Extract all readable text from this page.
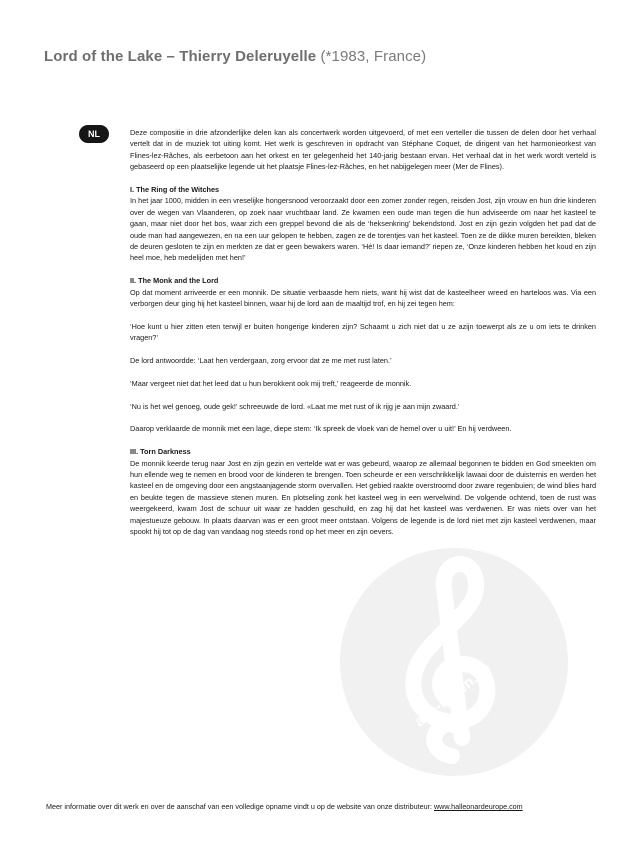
Lord of the Lake – Thierry Deleruyelle (*1983, France)
NL
alle-noten.de

Deze compositie in drie afzonderlijke delen kan als concertwerk worden uitgevoerd, of met een verteller die tussen de delen door het verhaal vertelt dat in de muziek tot uiting komt. Het werk is geschreven in opdracht van Stéphane Coquet, de dirigent van het harmonieorkest van Flines-lez-Râches, als eerbetoon aan het orkest en ter gelegenheid het 140-jarig bestaan ervan. Het verhaal dat in het werk wordt verteld is gebaseerd op een plaatselijke legende uit het plaatsje Flines-lez-Râches, en het nabijgelegen meer (Mer de Flines).

I. The Ring of the Witches

In het jaar 1000, midden in een vreselijke hongersnood veroorzaakt door een zomer zonder regen, reisden Jost, zijn vrouw en hun drie kinderen over de wegen van Vlaanderen, op zoek naar vruchtbaar land. Ze kwamen een oude man tegen die hun adviseerde om naar het kasteel te gaan, maar niet door het bos, waar zich een greppel bevond die als de ‘heksenkring’ bekendstond. Jost en zijn gezin volgden het pad dat de oude man had aangewezen, en na een uur gelopen te hebben, zagen ze de torentjes van het kasteel. Toen ze de dikke muren bereikten, bleken de deuren gesloten te zijn en merkten ze dat er geen bewakers waren. ‘Hé! Is daar iemand?’ riepen ze, ‘Onze kinderen hebben het koud en zijn heel moe, heb medelijden met hen!’

II. The Monk and the Lord

Op dat moment arriveerde er een monnik. De situatie verbaasde hem niets, want hij wist dat de kasteelheer wreed en harteloos was. Via een verborgen deur ging hij het kasteel binnen, waar hij de lord aan de maaltijd trof, en hij zei tegen hem:

‘Hoe kunt u hier zitten eten terwijl er buiten hongerige kinderen zijn? Schaamt u zich niet dat u ze azijn toewerpt als ze u om iets te drinken vragen?’

De lord antwoordde: ‘Laat hen verdergaan, zorg ervoor dat ze me met rust laten.’

‘Maar vergeet niet dat het leed dat u hun berokkent ook mij treft,’ reageerde de monnik.

‘Nu is het wel genoeg, oude gek!’ schreeuwde de lord. «Laat me met rust of ik rijg je aan mijn zwaard.’

Daarop verklaarde de monnik met een lage, diepe stem: ‘Ik spreek de vloek van de hemel over u uit!’ En hij verdween.

III. Torn Darkness

De monnik keerde terug naar Jost en zijn gezin en vertelde wat er was gebeurd, waarop ze allemaal begonnen te bidden en God smeekten om hun ellende weg te nemen en brood voor de kinderen te brengen. Toen scheurde er een verschrikkelijk lawaai door de duisternis en werden het kasteel en de omgeving door een angstaanjagende storm overvallen. Het gebied raakte overstroomd door zware regenbuien; de wind blies hard en beukte tegen de massieve stenen muren. En plotseling zonk het kasteel weg in een wervelwind. De volgende ochtend, toen de rust was weergekeerd, kwam Jost de schuur uit waar ze hadden geschuild, en zag hij dat het kasteel was verdwenen. Er was niets over van het majestueuze gebouw. In plaats daarvan was er een groot meer ontstaan. Volgens de legende is de lord niet met zijn kasteel verdwenen, maar spookt hij tot op de dag van vandaag nog steeds rond op het meer en zijn oevers.

Meer informatie over dit werk en over de aanschaf van een volledige opname vindt u op de website van onze distributeur: www.halleonardeurope.com
